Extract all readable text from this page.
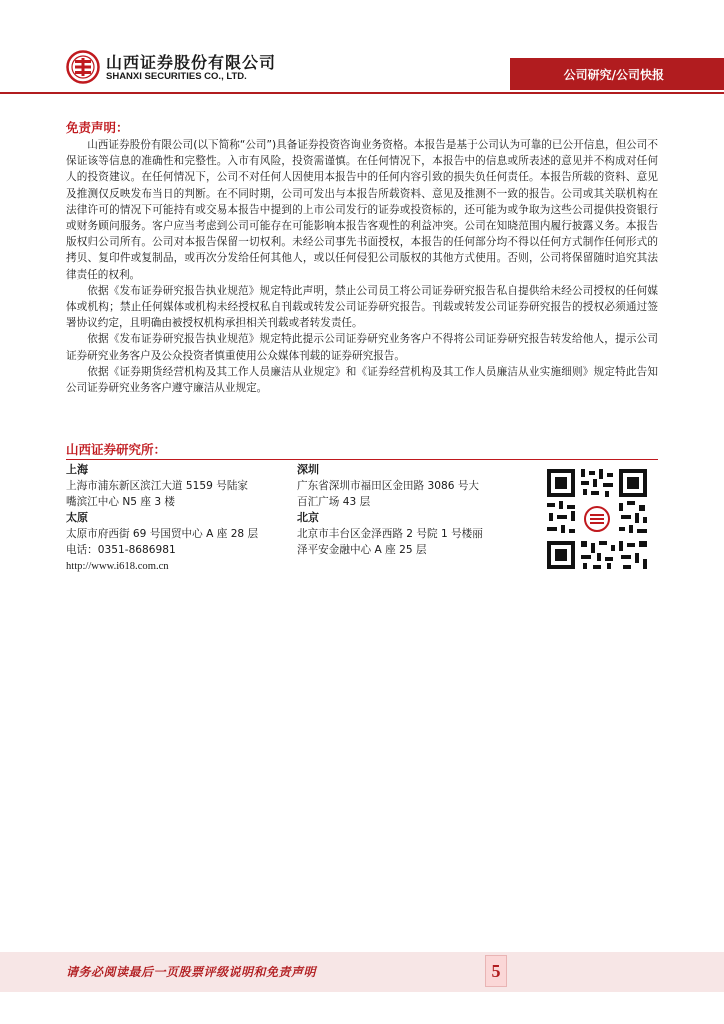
山西证券股份有限公司
SHANXI SECURITIES CO., LTD.	公司研究/公司快报
免责声明：

山西证券股份有限公司(以下简称“公司”)具备证券投资咨询业务资格。本报告是基于公司认为可靠的已公开信息，但公司不保证该等信息的准确性和完整性。入市有风险，投资需谨慎。在任何情况下，本报告中的信息或所表述的意见并不构成对任何人的投资建议。在任何情况下，公司不对任何人因使用本报告中的任何内容引致的损失负任何责任。本报告所载的资料、意见及推测仅反映发布当日的判断。在不同时期，公司可发出与本报告所载资料、意见及推测不一致的报告。公司或其关联机构在法律许可的情况下可能持有或交易本报告中提到的上市公司发行的证券或投资标的，还可能为或争取为这些公司提供投资银行或财务顾问服务。客户应当考虑到公司可能存在可能影响本报告客观性的利益冲突。公司在知晓范围内履行披露义务。本报告版权归公司所有。公司对本报告保留一切权利。未经公司事先书面授权，本报告的任何部分均不得以任何方式制作任何形式的拷贝、复印件或复制品，或再次分发给任何其他人，或以任何侵犯公司版权的其他方式使用。否则，公司将保留随时追究其法律责任的权利。

依据《发布证券研究报告执业规范》规定特此声明，禁止公司员工将公司证券研究报告私自提供给未经公司授权的任何媒体或机构；禁止任何媒体或机构未经授权私自刊载或转发公司证券研究报告。刊载或转发公司证券研究报告的授权必须通过签署协议约定，且明确由被授权机构承担相关刊载或者转发责任。

依据《发布证券研究报告执业规范》规定特此提示公司证券研究业务客户不得将公司证券研究报告转发给他人，提示公司证券研究业务客户及公众投资者慎重使用公众媒体刊载的证券研究报告。

依据《证券期货经营机构及其工作人员廉洁从业规定》和《证券经营机构及其工作人员廉洁从业实施细则》规定特此告知公司证券研究业务客户遵守廉洁从业规定。

山西证券研究所：
上海
上海市浦东新区滨江大道 5159 号陆家
嘴滨江中心 N5 座 3 楼
太原
太原市府西街 69 号国贸中心 A 座 28 层
电话：0351-8686981
http://www.i618.com.cn
深圳
广东省深圳市福田区金田路 3086 号大
百汇广场 43 层
北京
北京市丰台区金泽西路 2 号院 1 号楼丽
泽平安金融中心 A 座 25 层
请务必阅读最后一页股票评级说明和免责声明	5
